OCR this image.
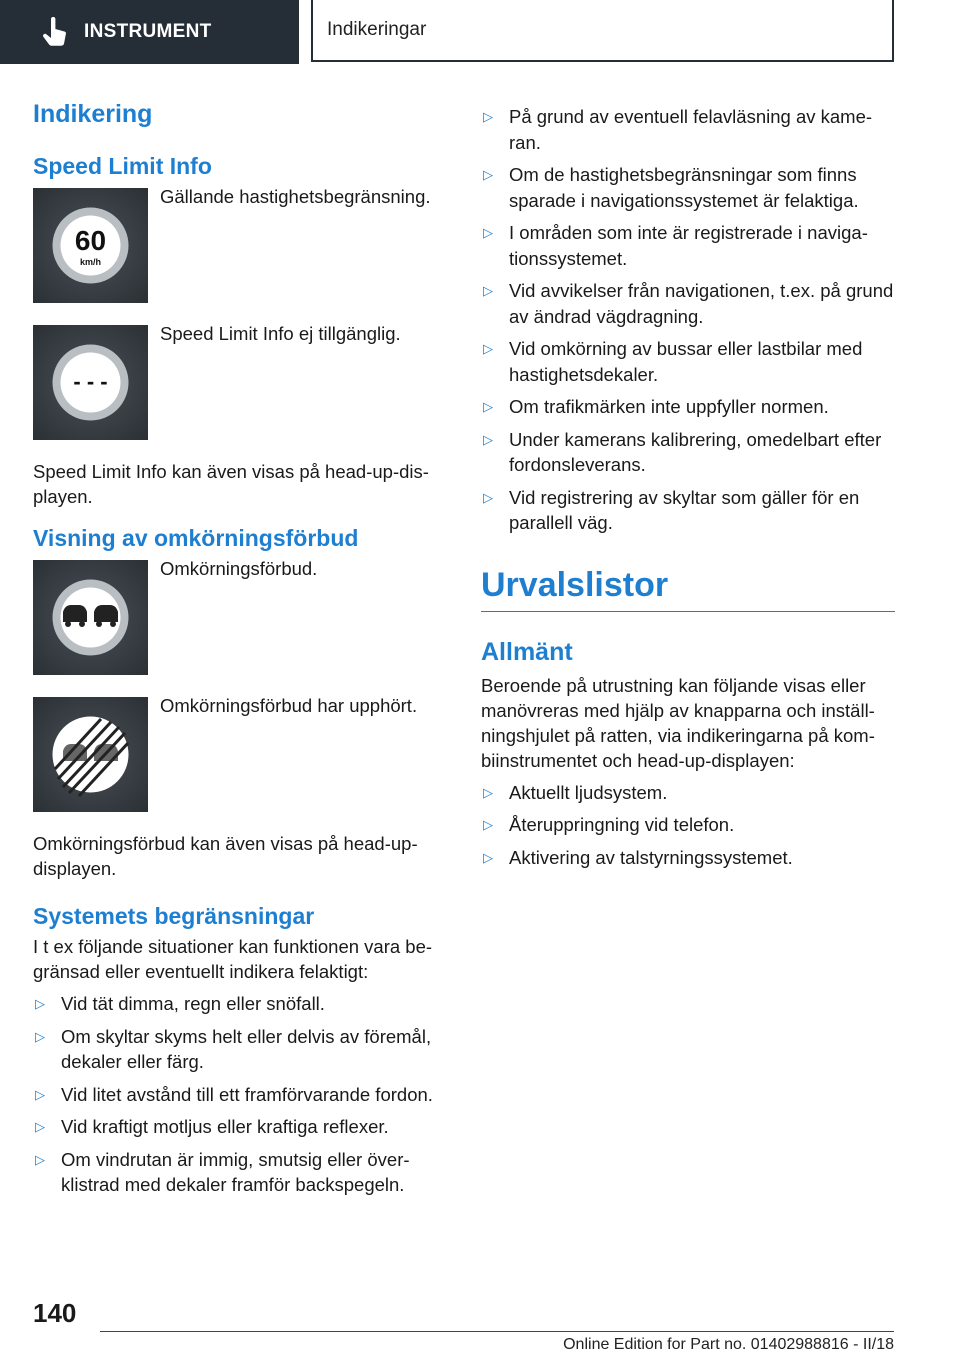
INSTRUMENT	Indikeringar
Indikering
Speed Limit Info
60
km/h
Gällande hastighetsbegränsning.
- - -
Speed Limit Info ej tillgänglig.

Speed Limit Info kan även visas på head-up-dis-playen.

Visning av omkörningsförbud
Omkörningsförbud.
Omkörningsförbud har upphört.

Omkörningsförbud kan även visas på head-up-displayen.

Systemets begränsningar

I t ex följande situationer kan funktionen vara be-gränsad eller eventuellt indikera felaktigt:

▷ Vid tät dimma, regn eller snöfall.
▷ Om skyltar skyms helt eller delvis av föremål, dekaler eller färg.
▷ Vid litet avstånd till ett framförvarande fordon.
▷ Vid kraftigt motljus eller kraftiga reflexer.
▷ Om vindrutan är immig, smutsig eller över-klistrad med dekaler framför backspegeln.
▷ På grund av eventuell felavläsning av kame-ran.
▷ Om de hastighetsbegränsningar som finns sparade i navigationssystemet är felaktiga.
▷ I områden som inte är registrerade i naviga-tionssystemet.
▷ Vid avvikelser från navigationen, t.ex. på grund av ändrad vägdragning.
▷ Vid omkörning av bussar eller lastbilar med hastighetsdekaler.
▷ Om trafikmärken inte uppfyller normen.
▷ Under kamerans kalibrering, omedelbart efter fordonsleverans.
▷ Vid registrering av skyltar som gäller för en parallell väg.
Urvalslistor
Allmänt

Beroende på utrustning kan följande visas eller manövreras med hjälp av knapparna och inställ-ningshjulet på ratten, via indikeringarna på kom-biinstrumentet och head-up-displayen:

▷ Aktuellt ljudsystem.
▷ Återuppringning vid telefon.
▷ Aktivering av talstyrningssystemet.
140
Online Edition for Part no. 01402988816 - II/18
